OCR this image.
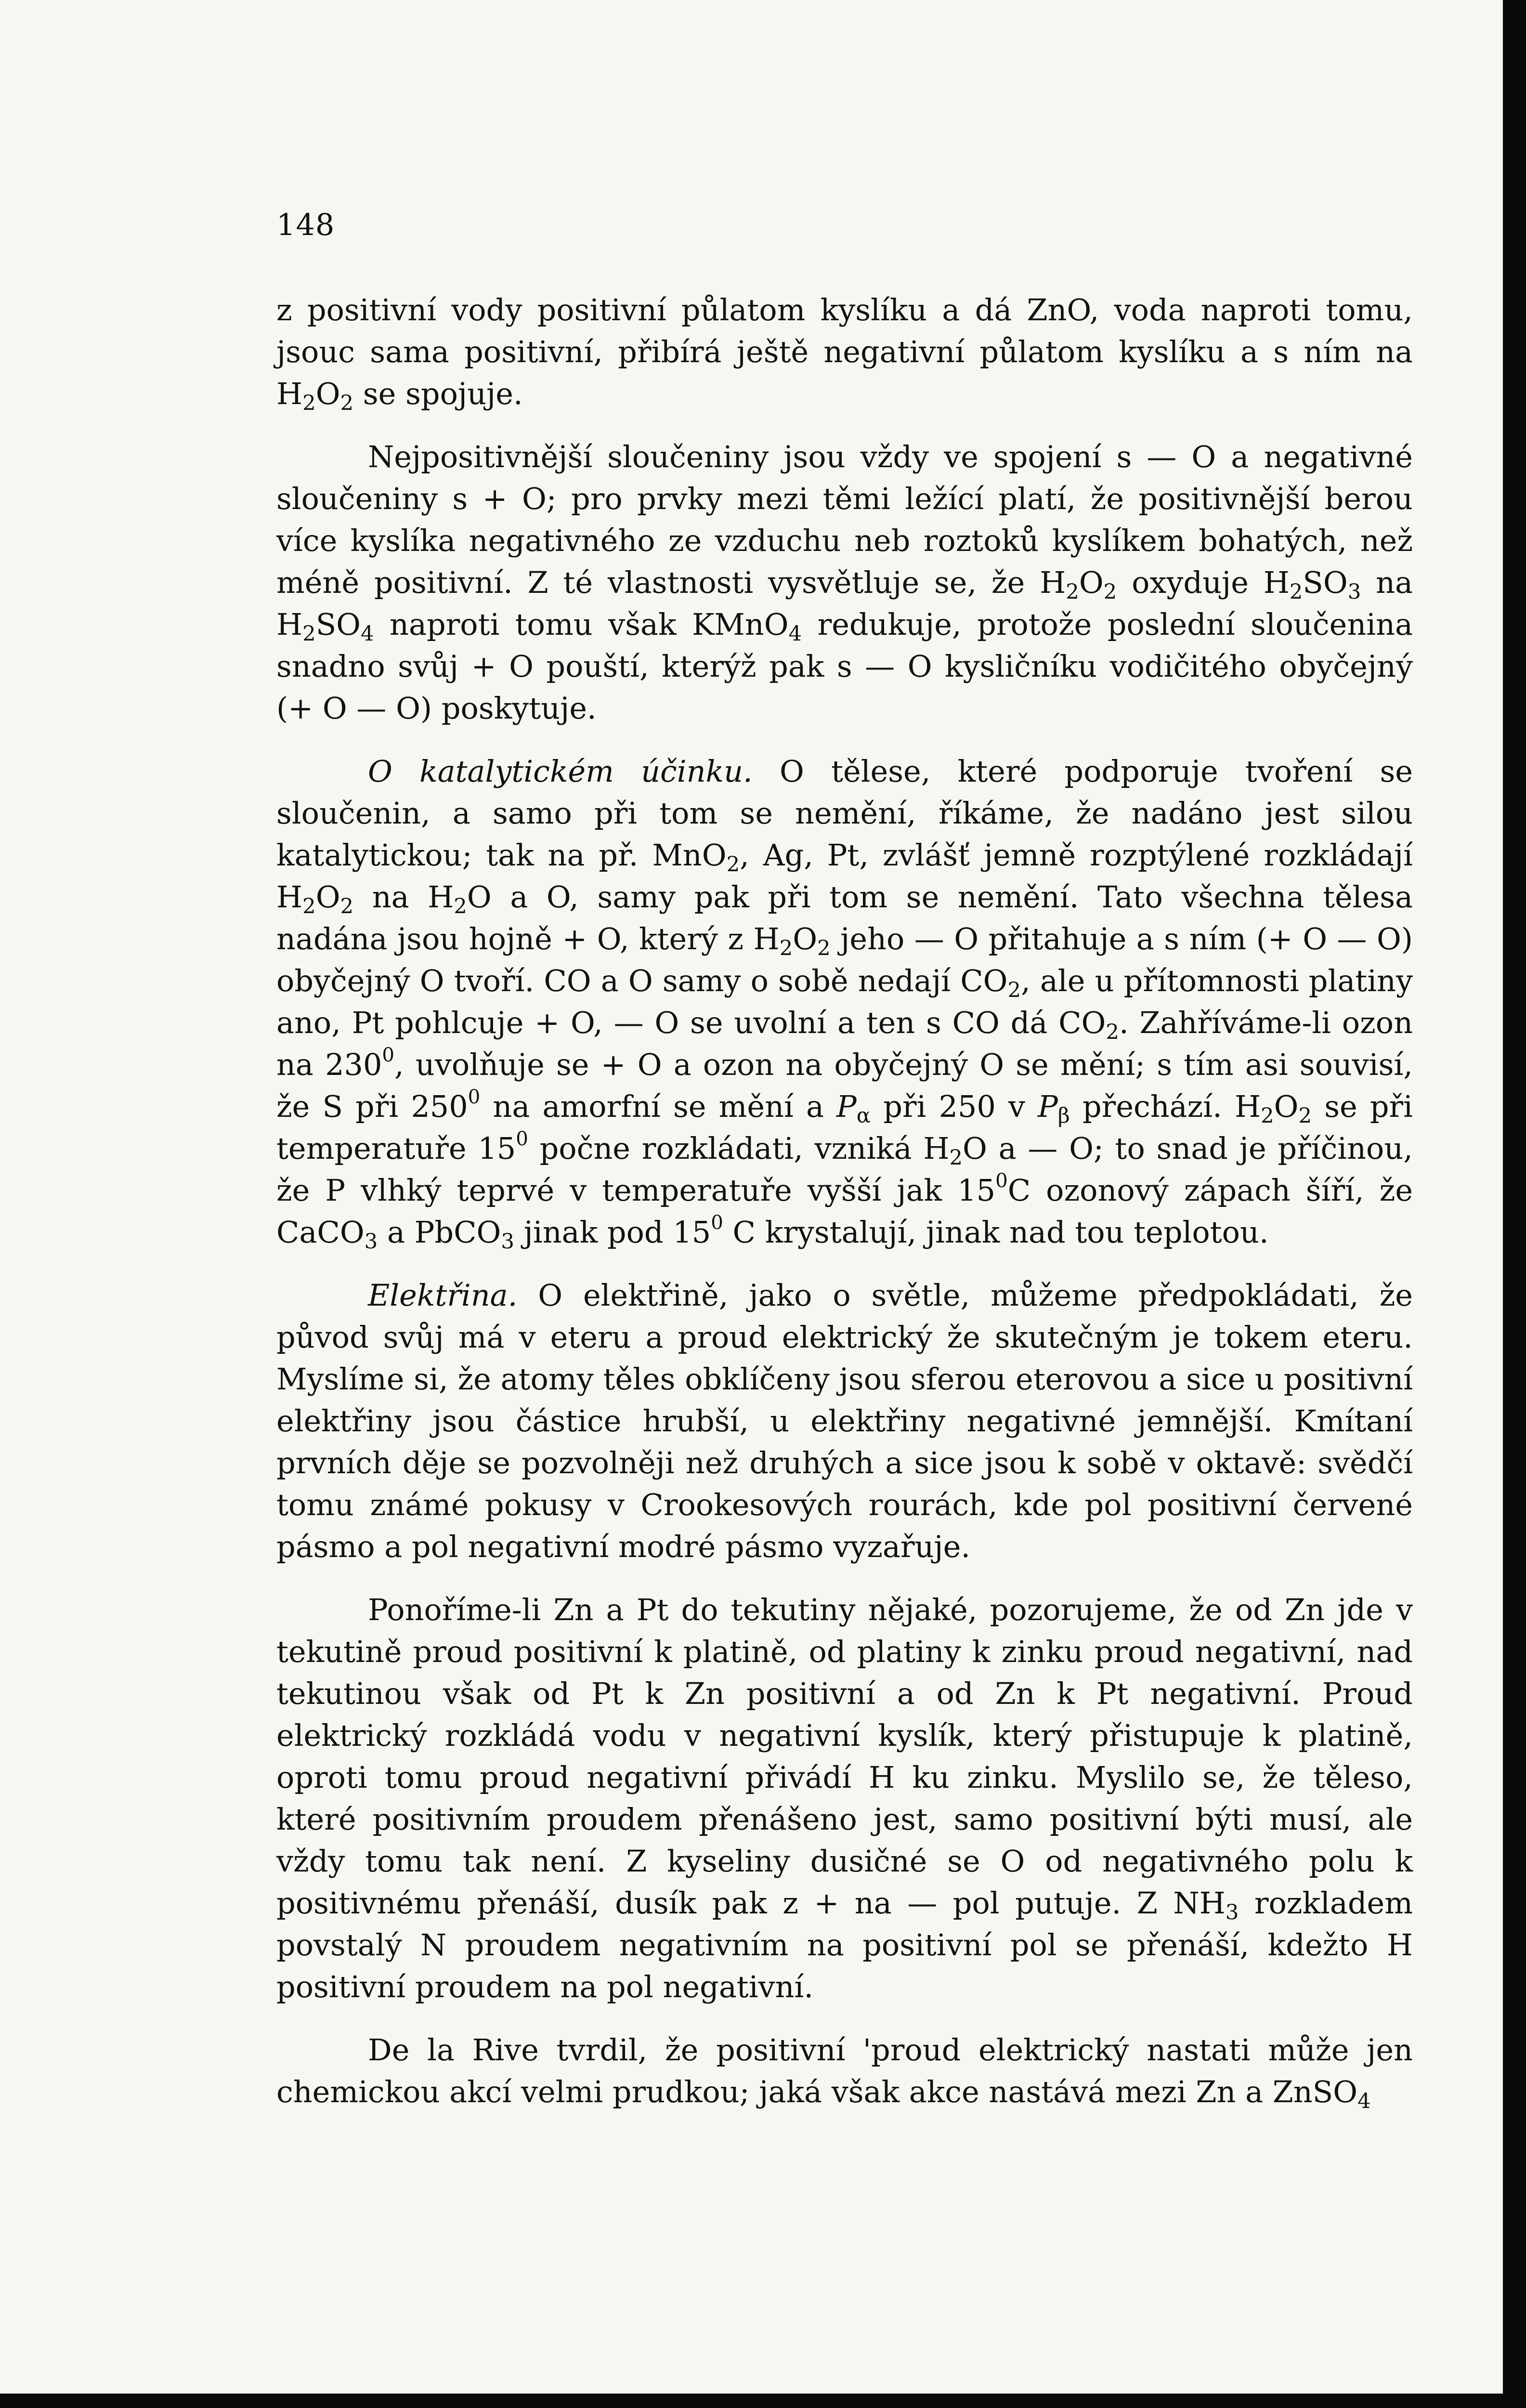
148

z positivní vody positivní půlatom kyslíku a dá ZnO, voda naproti tomu, jsouc sama positivní, přibírá ještě negativní půlatom kyslíku a s ním na $H_2O_2$ se spojuje.

Nejpositivnější sloučeniny jsou vždy ve spojení s — O a negativné sloučeniny s + O; pro prvky mezi těmi ležící platí, že positivnější berou více kyslíka negativného ze vzduchu neb roztoků kyslíkem bohatých, než méně positivní. Z té vlastnosti vysvětluje se, že $H_2O_2$ oxyduje $H_2SO_3$ na $H_2SO_4$ naproti tomu však KMnO$_4$ redukuje, protože poslední sloučenina snadno svůj + O pouští, kterýž pak s — O kysličníku vodičitého obyčejný (+ O — O) poskytuje.

O katalytickém účinku. O tělese, které podporuje tvoření se sloučenin, a samo při tom se nemění, říkáme, že nadáno jest silou katalytickou; tak na př. MnO$_2$, Ag, Pt, zvlášť jemně rozptýlené rozkládají $H_2O_2$ na $H_2O$ a O, samy pak při tom se nemění. Tato všechna tělesa nadána jsou hojně + O, který z $H_2O_2$ jeho — O přitahuje a s ním (+ O — O) obyčejný O tvoří. CO a O samy o sobě nedají $CO_2$, ale u přítomnosti platiny ano, Pt pohlcuje + O, — O se uvolní a ten s CO dá $CO_2$. Zahříváme-li ozon na $230^0$, uvolňuje se + O a ozon na obyčejný O se mění; s tím asi souvisí, že S při $250^0$ na amorfní se mění a $P_\alpha$ při 250 v $P_\beta$ přechází. $H_2O_2$ se při temperatuře $15^0$ počne rozkládati, vzniká $H_2O$ a — O; to snad je příčinou, že P vlhký teprvé v temperatuře vyšší jak $15^0C$ ozonový zápach šíří, že CaCO$_3$ a PbCO$_3$ jinak pod $15^0$ C krystalují, jinak nad tou teplotou.

Elektřina. O elektřině, jako o světle, můžeme předpokládati, že původ svůj má v eteru a proud elektrický že skutečným je tokem eteru. Myslíme si, že atomy těles obklíčeny jsou sferou eterovou a sice u positivní elektřiny jsou částice hrubší, u elektřiny negativné jemnější. Kmítaní prvních děje se pozvolněji než druhých a sice jsou k sobě v oktavě: svědčí tomu známé pokusy v Crookesových rourách, kde pol positivní červené pásmo a pol negativní modré pásmo vyzařuje.

Ponoříme-li Zn a Pt do tekutiny nějaké, pozorujeme, že od Zn jde v tekutině proud positivní k platině, od platiny k zinku proud negativní, nad tekutinou však od Pt k Zn positivní a od Zn k Pt negativní. Proud elektrický rozkládá vodu v negativní kyslík, který přistupuje k platině, oproti tomu proud negativní přivádí H ku zinku. Myslilo se, že těleso, které positivním proudem přenášeno jest, samo positivní býti musí, ale vždy tomu tak není. Z kyseliny dusičné se O od negativného polu k positivnému přenáší, dusík pak z + na — pol putuje. Z $NH_3$ rozkladem povstalý N proudem negativním na positivní pol se přenáší, kdežto H positivní proudem na pol negativní.

De la Rive tvrdil, že positivní 'proud elektrický nastati může jen chemickou akcí velmi prudkou; jaká však akce nastává mezi Zn a ZnSO$_4$
